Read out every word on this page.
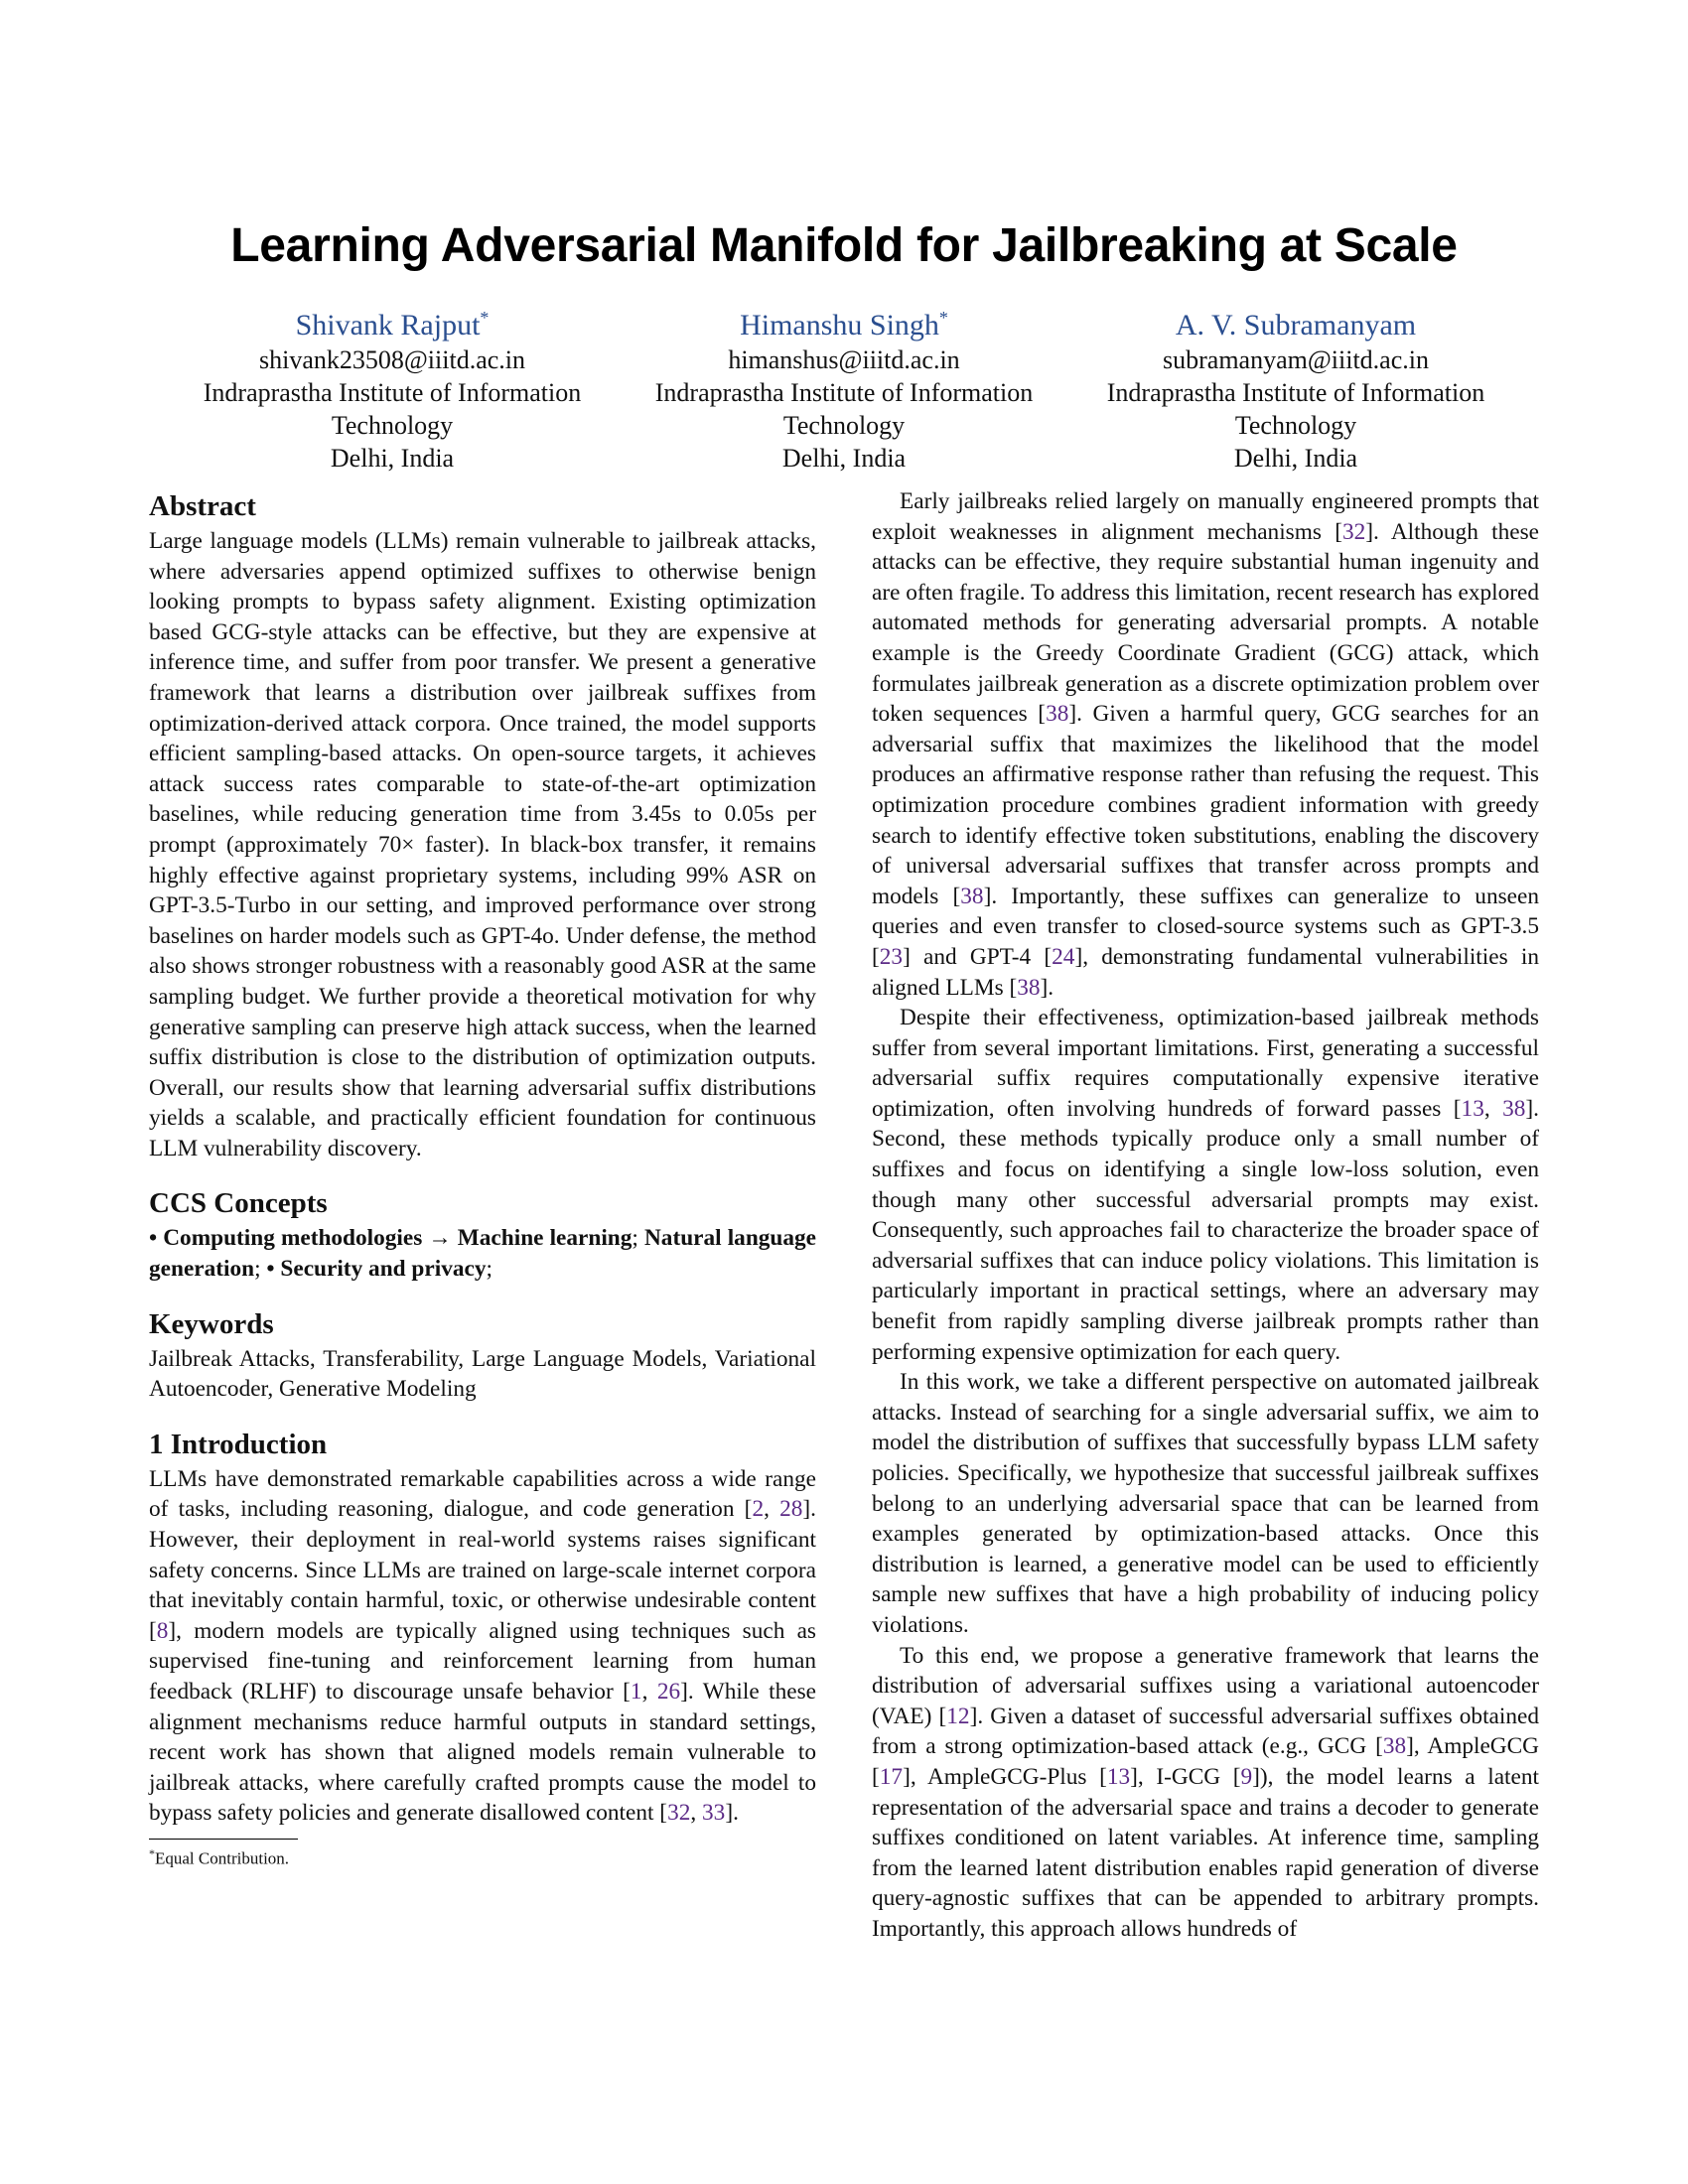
Learning Adversarial Manifold for Jailbreaking at Scale
Shivank Rajput*
shivank23508@iiitd.ac.in
Indraprastha Institute of Information
Technology
Delhi, India
Himanshu Singh*
himanshus@iiitd.ac.in
Indraprastha Institute of Information
Technology
Delhi, India
A. V. Subramanyam
subramanyam@iiitd.ac.in
Indraprastha Institute of Information
Technology
Delhi, India
Abstract

Large language models (LLMs) remain vulnerable to jailbreak attacks, where adversaries append optimized suffixes to otherwise benign looking prompts to bypass safety alignment. Existing optimization based GCG-style attacks can be effective, but they are expensive at inference time, and suffer from poor transfer. We present a generative framework that learns a distribution over jailbreak suffixes from optimization-derived attack corpora. Once trained, the model supports efficient sampling-based attacks. On open-source targets, it achieves attack success rates comparable to state-of-the-art optimization baselines, while reducing generation time from 3.45s to 0.05s per prompt (approximately 70× faster). In black-box transfer, it remains highly effective against proprietary systems, including 99% ASR on GPT-3.5-Turbo in our setting, and improved performance over strong baselines on harder models such as GPT-4o. Under defense, the method also shows stronger robustness with a reasonably good ASR at the same sampling budget. We further provide a theoretical motivation for why generative sampling can preserve high attack success, when the learned suffix distribution is close to the distribution of optimization outputs. Overall, our results show that learning adversarial suffix distributions yields a scalable, and practically efficient foundation for continuous LLM vulnerability discovery.

CCS Concepts

• Computing methodologies → Machine learning; Natural language generation; • Security and privacy;

Keywords

Jailbreak Attacks, Transferability, Large Language Models, Variational Autoencoder, Generative Modeling

1 Introduction

LLMs have demonstrated remarkable capabilities across a wide range of tasks, including reasoning, dialogue, and code generation [2, 28]. However, their deployment in real-world systems raises significant safety concerns. Since LLMs are trained on large-scale internet corpora that inevitably contain harmful, toxic, or otherwise undesirable content [8], modern models are typically aligned using techniques such as supervised fine-tuning and reinforcement learning from human feedback (RLHF) to discourage unsafe behavior [1, 26]. While these alignment mechanisms reduce harmful outputs in standard settings, recent work has shown that aligned models remain vulnerable to jailbreak attacks, where carefully crafted prompts cause the model to bypass safety policies and generate disallowed content [32, 33].

*Equal Contribution.

Early jailbreaks relied largely on manually engineered prompts that exploit weaknesses in alignment mechanisms [32]. Although these attacks can be effective, they require substantial human ingenuity and are often fragile. To address this limitation, recent research has explored automated methods for generating adversarial prompts. A notable example is the Greedy Coordinate Gradient (GCG) attack, which formulates jailbreak generation as a discrete optimization problem over token sequences [38]. Given a harmful query, GCG searches for an adversarial suffix that maximizes the likelihood that the model produces an affirmative response rather than refusing the request. This optimization procedure combines gradient information with greedy search to identify effective token substitutions, enabling the discovery of universal adversarial suffixes that transfer across prompts and models [38]. Importantly, these suffixes can generalize to unseen queries and even transfer to closed-source systems such as GPT-3.5 [23] and GPT-4 [24], demonstrating fundamental vulnerabilities in aligned LLMs [38].

Despite their effectiveness, optimization-based jailbreak methods suffer from several important limitations. First, generating a successful adversarial suffix requires computationally expensive iterative optimization, often involving hundreds of forward passes [13, 38]. Second, these methods typically produce only a small number of suffixes and focus on identifying a single low-loss solution, even though many other successful adversarial prompts may exist. Consequently, such approaches fail to characterize the broader space of adversarial suffixes that can induce policy violations. This limitation is particularly important in practical settings, where an adversary may benefit from rapidly sampling diverse jailbreak prompts rather than performing expensive optimization for each query.

In this work, we take a different perspective on automated jailbreak attacks. Instead of searching for a single adversarial suffix, we aim to model the distribution of suffixes that successfully bypass LLM safety policies. Specifically, we hypothesize that successful jailbreak suffixes belong to an underlying adversarial space that can be learned from examples generated by optimization-based attacks. Once this distribution is learned, a generative model can be used to efficiently sample new suffixes that have a high probability of inducing policy violations.

To this end, we propose a generative framework that learns the distribution of adversarial suffixes using a variational autoencoder (VAE) [12]. Given a dataset of successful adversarial suffixes obtained from a strong optimization-based attack (e.g., GCG [38], AmpleGCG [17], AmpleGCG-Plus [13], I-GCG [9]), the model learns a latent representation of the adversarial space and trains a decoder to generate suffixes conditioned on latent variables. At inference time, sampling from the learned latent distribution enables rapid generation of diverse query-agnostic suffixes that can be appended to arbitrary prompts. Importantly, this approach allows hundreds of
